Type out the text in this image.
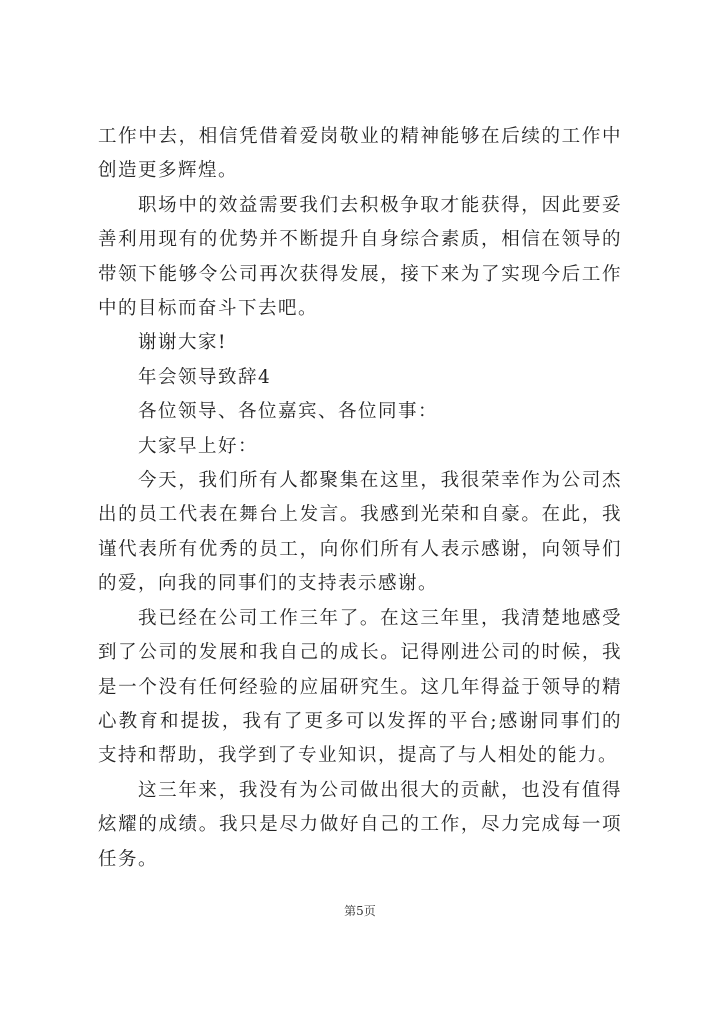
工作中去，相信凭借着爱岗敬业的精神能够在后续的工作中创造更多辉煌。

职场中的效益需要我们去积极争取才能获得，因此要妥善利用现有的优势并不断提升自身综合素质，相信在领导的带领下能够令公司再次获得发展，接下来为了实现今后工作中的目标而奋斗下去吧。

谢谢大家!

年会领导致辞4

各位领导、各位嘉宾、各位同事：

大家早上好：

今天，我们所有人都聚集在这里，我很荣幸作为公司杰出的员工代表在舞台上发言。我感到光荣和自豪。在此，我谨代表所有优秀的员工，向你们所有人表示感谢，向领导们的爱，向我的同事们的支持表示感谢。

我已经在公司工作三年了。在这三年里，我清楚地感受到了公司的发展和我自己的成长。记得刚进公司的时候，我是一个没有任何经验的应届研究生。这几年得益于领导的精心教育和提拔，我有了更多可以发挥的平台;感谢同事们的支持和帮助，我学到了专业知识，提高了与人相处的能力。

这三年来，我没有为公司做出很大的贡献，也没有值得炫耀的成绩。我只是尽力做好自己的工作，尽力完成每一项任务。

第5页
